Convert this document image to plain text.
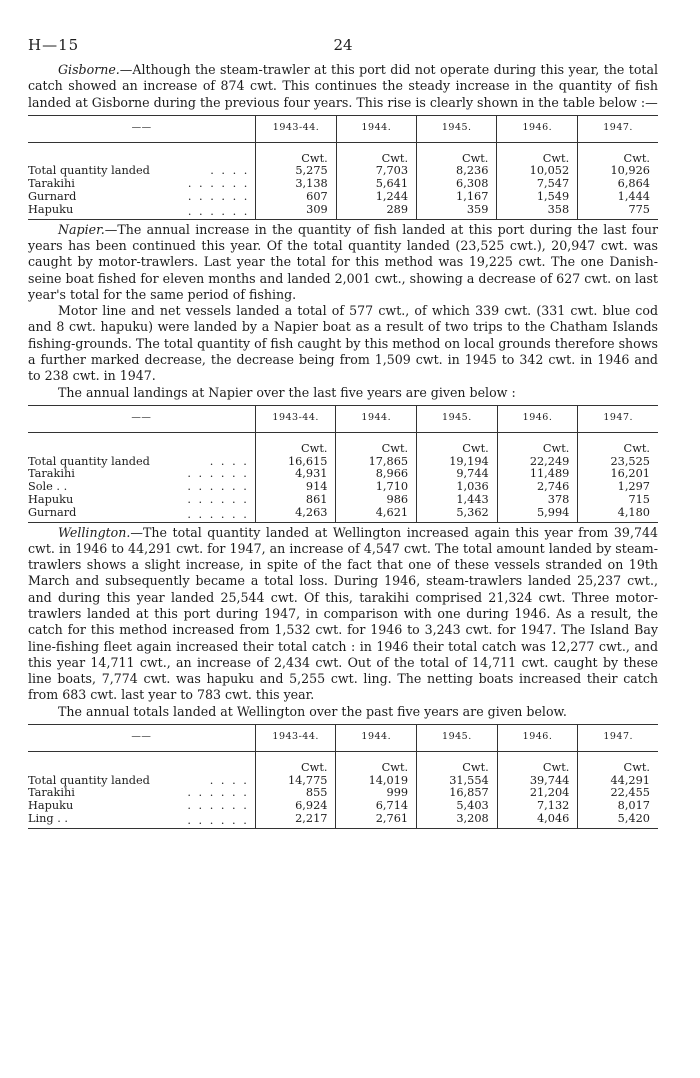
H—15	24

Gisborne.—Although the steam-trawler at this port did not operate during this year, the total catch showed an increase of 874 cwt. This continues the steady increase in the quantity of fish landed at Gisborne during the previous four years. This rise is clearly shown in the table below :—

——	1943-44.	1944.	1945.	1946.	1947.
	Cwt.	Cwt.	Cwt.	Cwt.	Cwt.
Total quantity landed . . . .	5,275	7,703	8,236	10,052	10,926
Tarakihi . . . . . .	3,138	5,641	6,308	7,547	6,864
Gurnard . . . . . .	607	1,244	1,167	1,549	1,444
Hapuku . . . . . .	309	289	359	358	775

Napier.—The annual increase in the quantity of fish landed at this port during the last four years has been continued this year. Of the total quantity landed (23,525 cwt.), 20,947 cwt. was caught by motor-trawlers. Last year the total for this method was 19,225 cwt. The one Danish-seine boat fished for eleven months and landed 2,001 cwt., showing a decrease of 627 cwt. on last year's total for the same period of fishing.

Motor line and net vessels landed a total of 577 cwt., of which 339 cwt. (331 cwt. blue cod and 8 cwt. hapuku) were landed by a Napier boat as a result of two trips to the Chatham Islands fishing-grounds. The total quantity of fish caught by this method on local grounds therefore shows a further marked decrease, the decrease being from 1,509 cwt. in 1945 to 342 cwt. in 1946 and to 238 cwt. in 1947.

The annual landings at Napier over the last five years are given below :

——	1943-44.	1944.	1945.	1946.	1947.
	Cwt.	Cwt.	Cwt.	Cwt.	Cwt.
Total quantity landed . . . .	16,615	17,865	19,194	22,249	23,525
Tarakihi . . . . . .	4,931	8,966	9,744	11,489	16,201
Sole . . . . . . . .	914	1,710	1,036	2,746	1,297
Hapuku . . . . . .	861	986	1,443	378	715
Gurnard . . . . . .	4,263	4,621	5,362	5,994	4,180

Wellington.—The total quantity landed at Wellington increased again this year from 39,744 cwt. in 1946 to 44,291 cwt. for 1947, an increase of 4,547 cwt. The total amount landed by steam-trawlers shows a slight increase, in spite of the fact that one of these vessels stranded on 19th March and subsequently became a total loss. During 1946, steam-trawlers landed 25,237 cwt., and during this year landed 25,544 cwt. Of this, tarakihi comprised 21,324 cwt. Three motor-trawlers landed at this port during 1947, in comparison with one during 1946. As a result, the catch for this method increased from 1,532 cwt. for 1946 to 3,243 cwt. for 1947. The Island Bay line-fishing fleet again increased their total catch : in 1946 their total catch was 12,277 cwt., and this year 14,711 cwt., an increase of 2,434 cwt. Out of the total of 14,711 cwt. caught by these line boats, 7,774 cwt. was hapuku and 5,255 cwt. ling. The netting boats increased their catch from 683 cwt. last year to 783 cwt. this year.

The annual totals landed at Wellington over the past five years are given below.

——	1943-44.	1944.	1945.	1946.	1947.
	Cwt.	Cwt.	Cwt.	Cwt.	Cwt.
Total quantity landed . . . .	14,775	14,019	31,554	39,744	44,291
Tarakihi . . . . . .	855	999	16,857	21,204	22,455
Hapuku . . . . . .	6,924	6,714	5,403	7,132	8,017
Ling . . . . . . . .	2,217	2,761	3,208	4,046	5,420
